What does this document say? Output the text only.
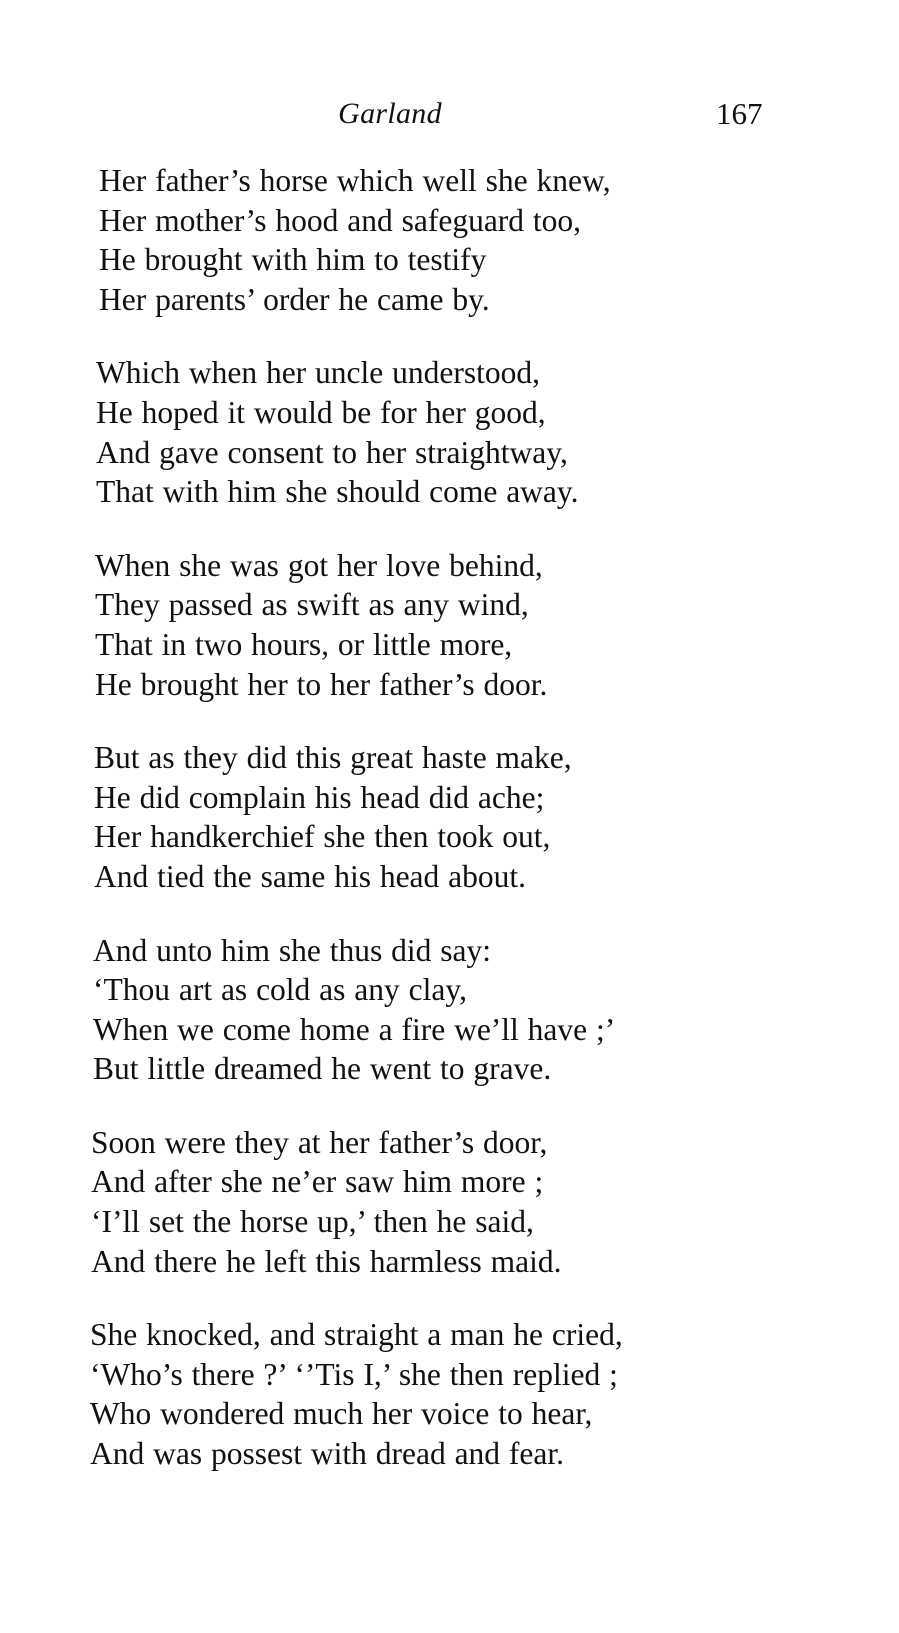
Garland	167
Her father’s horse which well she knew,
Her mother’s hood and safeguard too,
He brought with him to testify
Her parents’ order he came by.
Which when her uncle understood,
He hoped it would be for her good,
And gave consent to her straightway,
That with him she should come away.
When she was got her love behind,
They passed as swift as any wind,
That in two hours, or little more,
He brought her to her father’s door.
But as they did this great haste make,
He did complain his head did ache;
Her handkerchief she then took out,
And tied the same his head about.
And unto him she thus did say:
‘Thou art as cold as any clay,
When we come home a fire we’ll have ;’
But little dreamed he went to grave.
Soon were they at her father’s door,
And after she ne’er saw him more ;
‘I’ll set the horse up,’ then he said,
And there he left this harmless maid.
She knocked, and straight a man he cried,
‘Who’s there ?’ ‘’Tis I,’ she then replied ;
Who wondered much her voice to hear,
And was possest with dread and fear.
